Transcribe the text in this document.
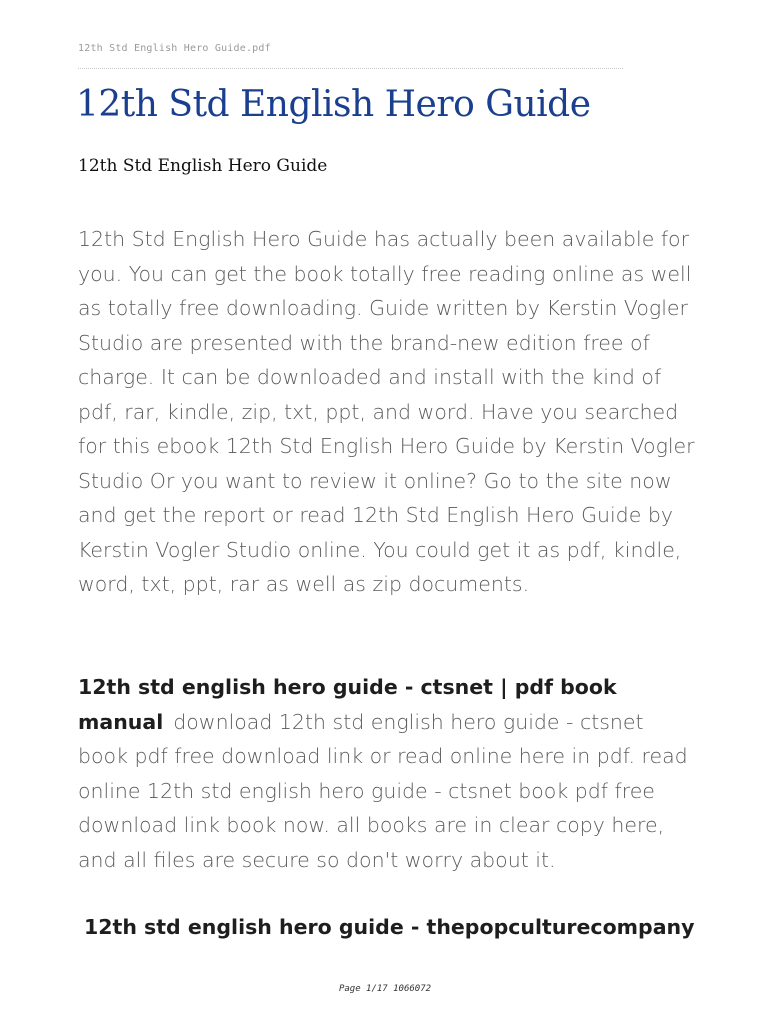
12th Std English Hero Guide.pdf
12th Std English Hero Guide
12th Std English Hero Guide

12th Std English Hero Guide has actually been available for you. You can get the book totally free reading online as well as totally free downloading. Guide written by Kerstin Vogler Studio are presented with the brand-new edition free of charge. It can be downloaded and install with the kind of pdf, rar, kindle, zip, txt, ppt, and word. Have you searched for this ebook 12th Std English Hero Guide by Kerstin Vogler Studio Or you want to review it online? Go to the site now and get the report or read 12th Std English Hero Guide by Kerstin Vogler Studio online. You could get it as pdf, kindle, word, txt, ppt, rar as well as zip documents.

12th std english hero guide - ctsnet | pdf book manual download 12th std english hero guide - ctsnet book pdf free download link or read online here in pdf. read online 12th std english hero guide - ctsnet book pdf free download link book now. all books are in clear copy here, and all files are secure so don't worry about it.

12th std english hero guide - thepopculturecompany
Page 1/17 1066072
